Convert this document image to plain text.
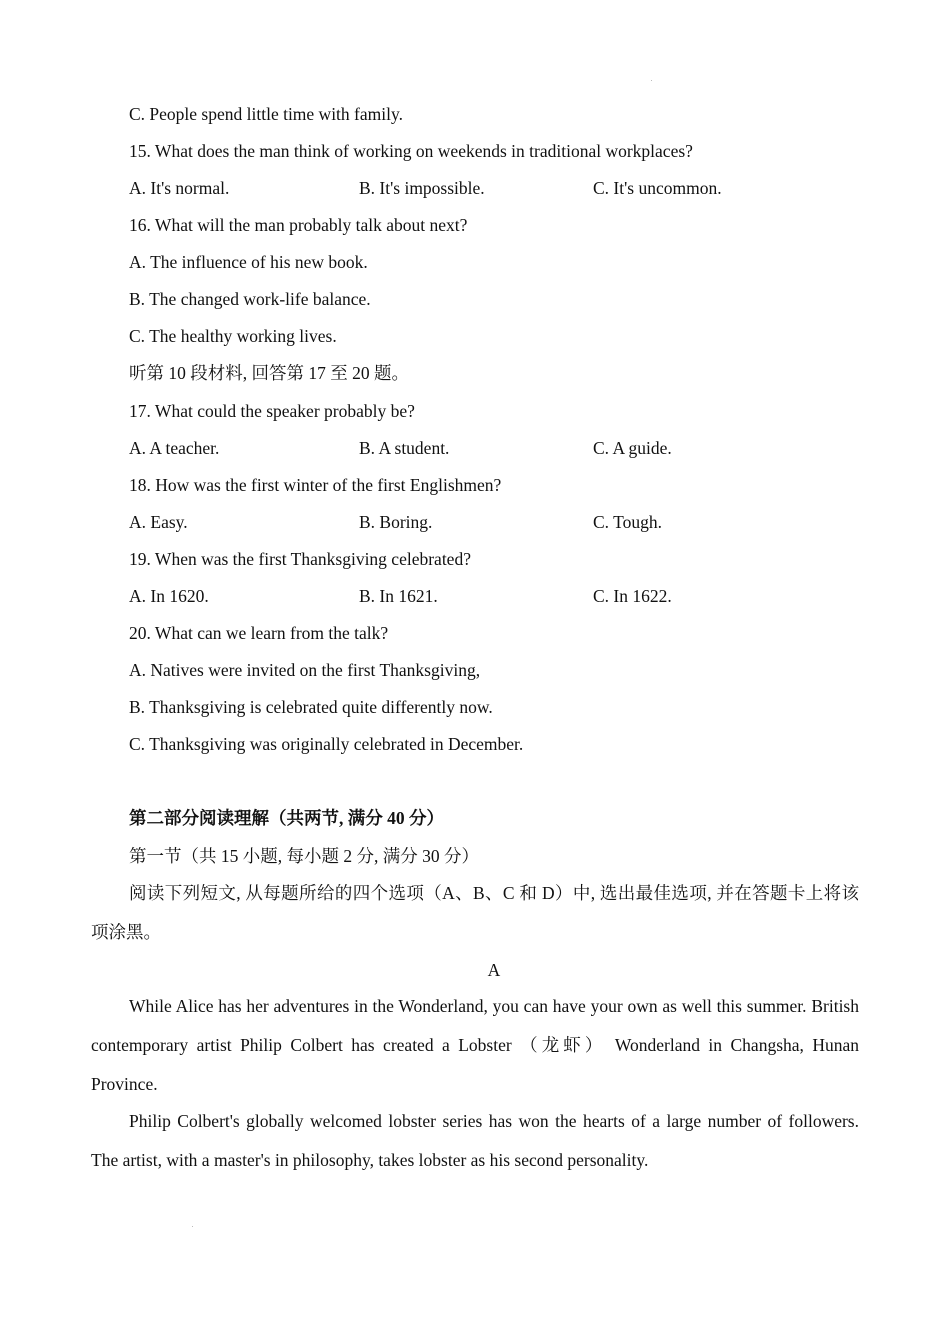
C. People spend little time with family.
15. What does the man think of working on weekends in traditional workplaces?
A. It's normal.	B. It's impossible.	C. It's uncommon.
16. What will the man probably talk about next?
A. The influence of his new book.
B. The changed work-life balance.
C. The healthy working lives.
听第 10 段材料, 回答第 17 至 20 题。
17. What could the speaker probably be?
A. A teacher.	B. A student.	C. A guide.
18. How was the first winter of the first Englishmen?
A. Easy.	B. Boring.	C. Tough.
19. When was the first Thanksgiving celebrated?
A. In 1620.	B. In 1621.	C. In 1622.
20. What can we learn from the talk?
A. Natives were invited on the first Thanksgiving,
B. Thanksgiving is celebrated quite differently now.
C. Thanksgiving was originally celebrated in December.
第二部分阅读理解（共两节, 满分 40 分）
第一节（共 15 小题, 每小题 2 分, 满分 30 分）
阅读下列短文, 从每题所给的四个选项（A、B、C 和 D）中, 选出最佳选项, 并在答题卡上将该项涂黑。
A
While Alice has her adventures in the Wonderland, you can have your own as well this summer. British contemporary artist Philip Colbert has created a Lobster （龙虾） Wonderland in Changsha, Hunan Province.
Philip Colbert's globally welcomed lobster series has won the hearts of a large number of followers. The artist, with a master's in philosophy, takes lobster as his second personality.
